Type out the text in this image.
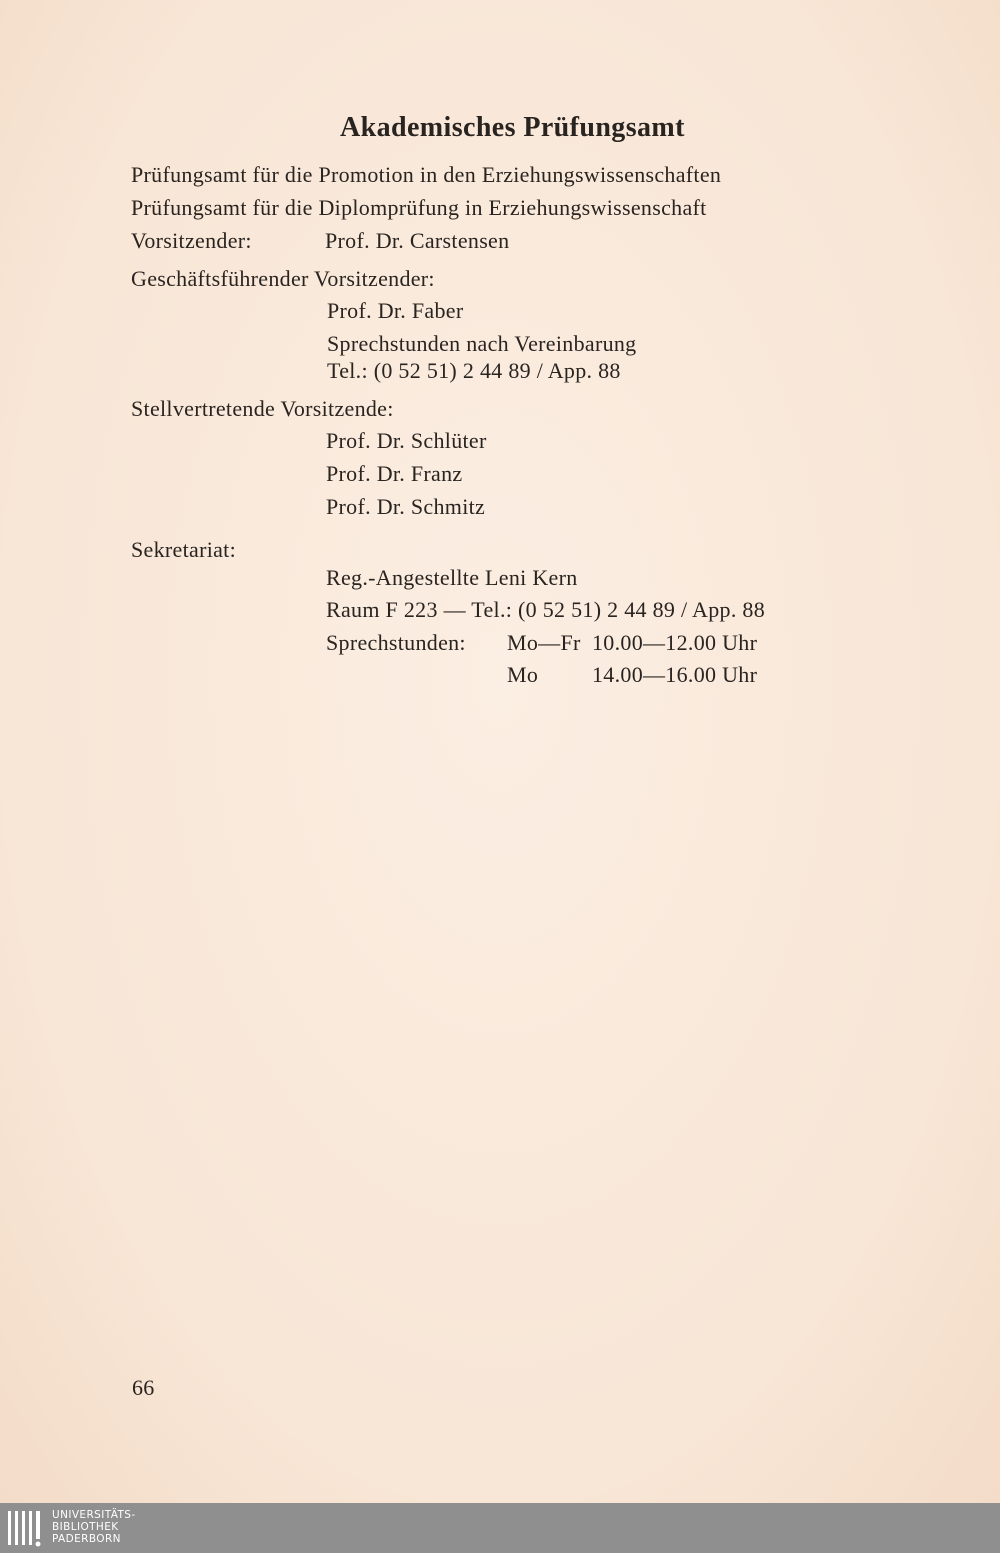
Akademisches Prüfungsamt
Prüfungsamt für die Promotion in den Erziehungswissenschaften
Prüfungsamt für die Diplomprüfung in Erziehungswissenschaft
Vorsitzender:	Prof. Dr. Carstensen
Geschäftsführender Vorsitzender:
Prof. Dr. Faber
Sprechstunden nach Vereinbarung
Tel.: (0 52 51) 2 44 89 / App. 88
Stellvertretende Vorsitzende:
Prof. Dr. Schlüter
Prof. Dr. Franz
Prof. Dr. Schmitz
Sekretariat:
Reg.-Angestellte Leni Kern
Raum F 223 — Tel.: (0 52 51) 2 44 89 / App. 88
Sprechstunden: Mo—Fr 10.00—12.00 Uhr
Mo 14.00—16.00 Uhr
66
UNIVERSITÄTS-
BIBLIOTHEK
PADERBORN
